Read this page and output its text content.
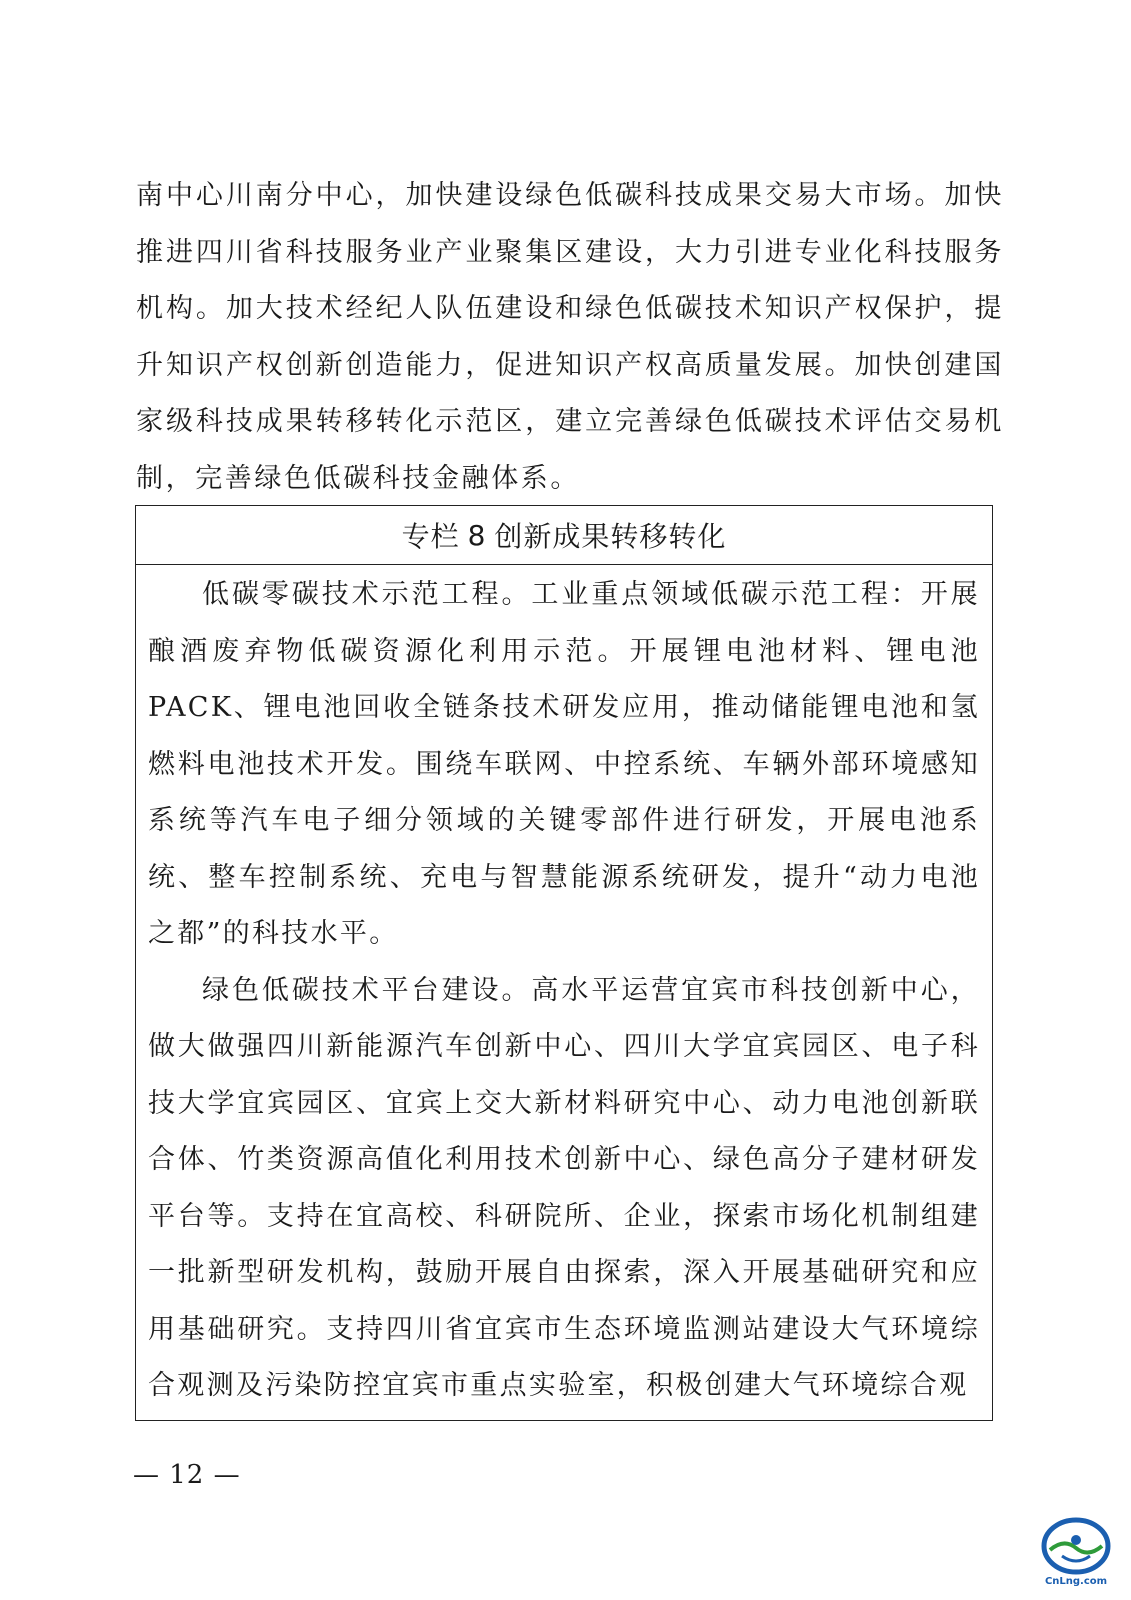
南中心川南分中心，加快建设绿色低碳科技成果交易大市场。加快推进四川省科技服务业产业聚集区建设，大力引进专业化科技服务机构。加大技术经纪人队伍建设和绿色低碳技术知识产权保护，提升知识产权创新创造能力，促进知识产权高质量发展。加快创建国家级科技成果转移转化示范区，建立完善绿色低碳技术评估交易机制，完善绿色低碳科技金融体系。

专栏 8 创新成果转移转化

低碳零碳技术示范工程。工业重点领域低碳示范工程：开展酿酒废弃物低碳资源化利用示范。开展锂电池材料、锂电池PACK、锂电池回收全链条技术研发应用，推动储能锂电池和氢燃料电池技术开发。围绕车联网、中控系统、车辆外部环境感知系统等汽车电子细分领域的关键零部件进行研发，开展电池系统、整车控制系统、充电与智慧能源系统研发，提升“动力电池之都”的科技水平。

绿色低碳技术平台建设。高水平运营宜宾市科技创新中心，做大做强四川新能源汽车创新中心、四川大学宜宾园区、电子科技大学宜宾园区、宜宾上交大新材料研究中心、动力电池创新联合体、竹类资源高值化利用技术创新中心、绿色高分子建材研发平台等。支持在宜高校、科研院所、企业，探索市场化机制组建一批新型研发机构，鼓励开展自由探索，深入开展基础研究和应用基础研究。支持四川省宜宾市生态环境监测站建设大气环境综合观测及污染防控宜宾市重点实验室，积极创建大气环境综合观

— 12 —
CnLng.com
